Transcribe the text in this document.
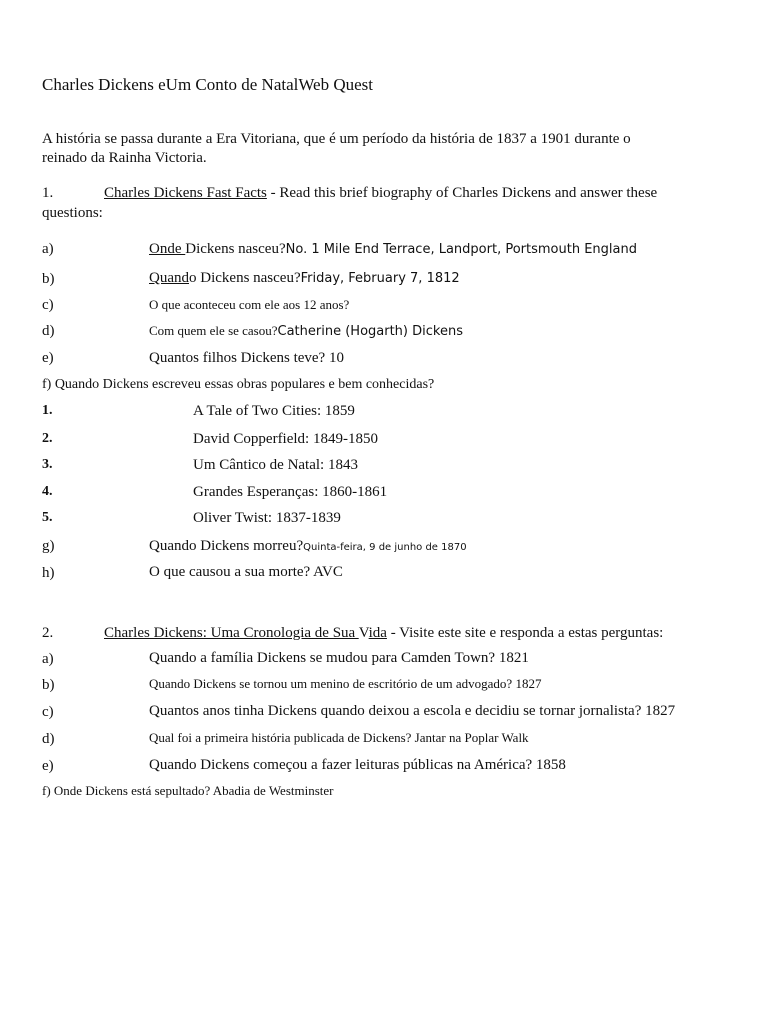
Charles Dickens eUm Conto de NatalWeb Quest
A história se passa durante a Era Vitoriana, que é um período da história de 1837 a 1901 durante o
reinado da Rainha Victoria.
1.	Charles Dickens Fast Facts - Read this brief biography of Charles Dickens and answer these
questions:
a)	Onde Dickens nasceu?No. 1 Mile End Terrace, Landport, Portsmouth England
b)	Quando Dickens nasceu?Friday, February 7, 1812
c)	O que aconteceu com ele aos 12 anos?
d)	Com quem ele se casou?Catherine (Hogarth) Dickens
e)	Quantos filhos Dickens teve? 10
f) Quando Dickens escreveu essas obras populares e bem conhecidas?
1.	A Tale of Two Cities: 1859
2.	David Copperfield: 1849-1850
3.	Um Cântico de Natal: 1843
4.	Grandes Esperanças: 1860-1861
5.	Oliver Twist: 1837-1839
g)	Quando Dickens morreu?Quinta-feira, 9 de junho de 1870
h)	O que causou a sua morte? AVC
2.	Charles Dickens: Uma Cronologia de Sua Vida - Visite este site e responda a estas perguntas:
a)	Quando a família Dickens se mudou para Camden Town? 1821
b)	Quando Dickens se tornou um menino de escritório de um advogado? 1827
c)	Quantos anos tinha Dickens quando deixou a escola e decidiu se tornar jornalista? 1827
d)	Qual foi a primeira história publicada de Dickens? Jantar na Poplar Walk
e)	Quando Dickens começou a fazer leituras públicas na América? 1858
f) Onde Dickens está sepultado? Abadia de Westminster
